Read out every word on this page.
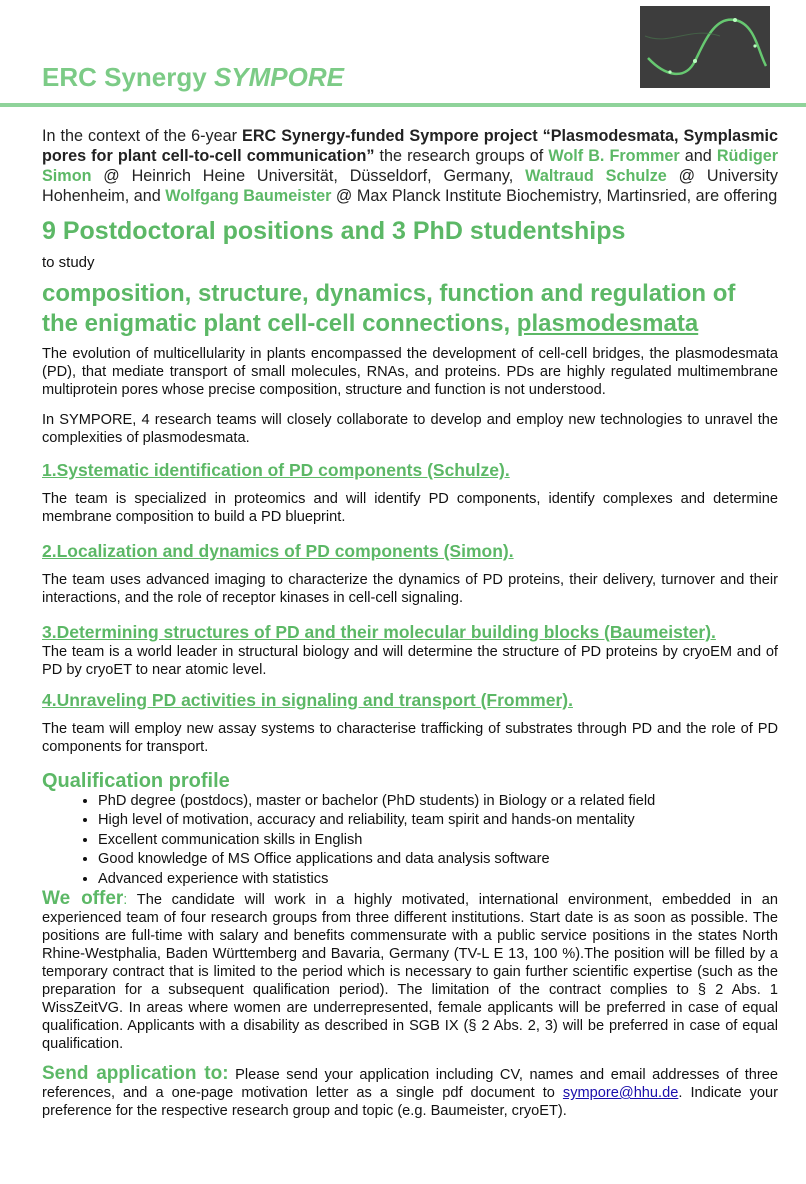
ERC Synergy SYMPORE

In the context of the 6-year ERC Synergy-funded Sympore project “Plasmodesmata, Symplasmic pores for plant cell-to-cell communication” the research groups of Wolf B. Frommer and Rüdiger Simon @ Heinrich Heine Universität, Düsseldorf, Germany, Waltraud Schulze @ University Hohenheim, and Wolfgang Baumeister @ Max Planck Institute Biochemistry, Martinsried, are offering

9 Postdoctoral positions and 3 PhD studentships

to study

composition, structure, dynamics, function and regulation of the enigmatic plant cell-cell connections, plasmodesmata

The evolution of multicellularity in plants encompassed the development of cell-cell bridges, the plasmodesmata (PD), that mediate transport of small molecules, RNAs, and proteins. PDs are highly regulated multimembrane multiprotein pores whose precise composition, structure and function is not understood.

In SYMPORE, 4 research teams will closely collaborate to develop and employ new technologies to unravel the complexities of plasmodesmata.

1.Systematic identification of PD components (Schulze).

The team is specialized in proteomics and will identify PD components, identify complexes and determine membrane composition to build a PD blueprint.

2.Localization and dynamics of PD components (Simon).

The team uses advanced imaging to characterize the dynamics of PD proteins, their delivery, turnover and their interactions, and the role of receptor kinases in cell-cell signaling.

3.Determining structures of PD and their molecular building blocks (Baumeister).

The team is a world leader in structural biology and will determine the structure of PD proteins by cryoEM and of PD by cryoET to near atomic level.

4.Unraveling PD activities in signaling and transport (Frommer).

The team will employ new assay systems to characterise trafficking of substrates through PD and the role of PD components for transport.

Qualification profile

• PhD degree (postdocs), master or bachelor (PhD students) in Biology or a related field
• High level of motivation, accuracy and reliability, team spirit and hands-on mentality
• Excellent communication skills in English
• Good knowledge of MS Office applications and data analysis software
• Advanced experience with statistics

We offer: The candidate will work in a highly motivated, international environment, embedded in an experienced team of four research groups from three different institutions. Start date is as soon as possible. The positions are full-time with salary and benefits commensurate with a public service positions in the states North Rhine-Westphalia, Baden Württemberg and Bavaria, Germany (TV-L E 13, 100 %).The position will be filled by a temporary contract that is limited to the period which is necessary to gain further scientific expertise (such as the preparation for a subsequent qualification period). The limitation of the contract complies to § 2 Abs. 1 WissZeitVG. In areas where women are underrepresented, female applicants will be preferred in case of equal qualification. Applicants with a disability as described in SGB IX (§ 2 Abs. 2, 3) will be preferred in case of equal qualification.

Send application to: Please send your application including CV, names and email addresses of three references, and a one-page motivation letter as a single pdf document to sympore@hhu.de. Indicate your preference for the respective research group and topic (e.g. Baumeister, cryoET).
